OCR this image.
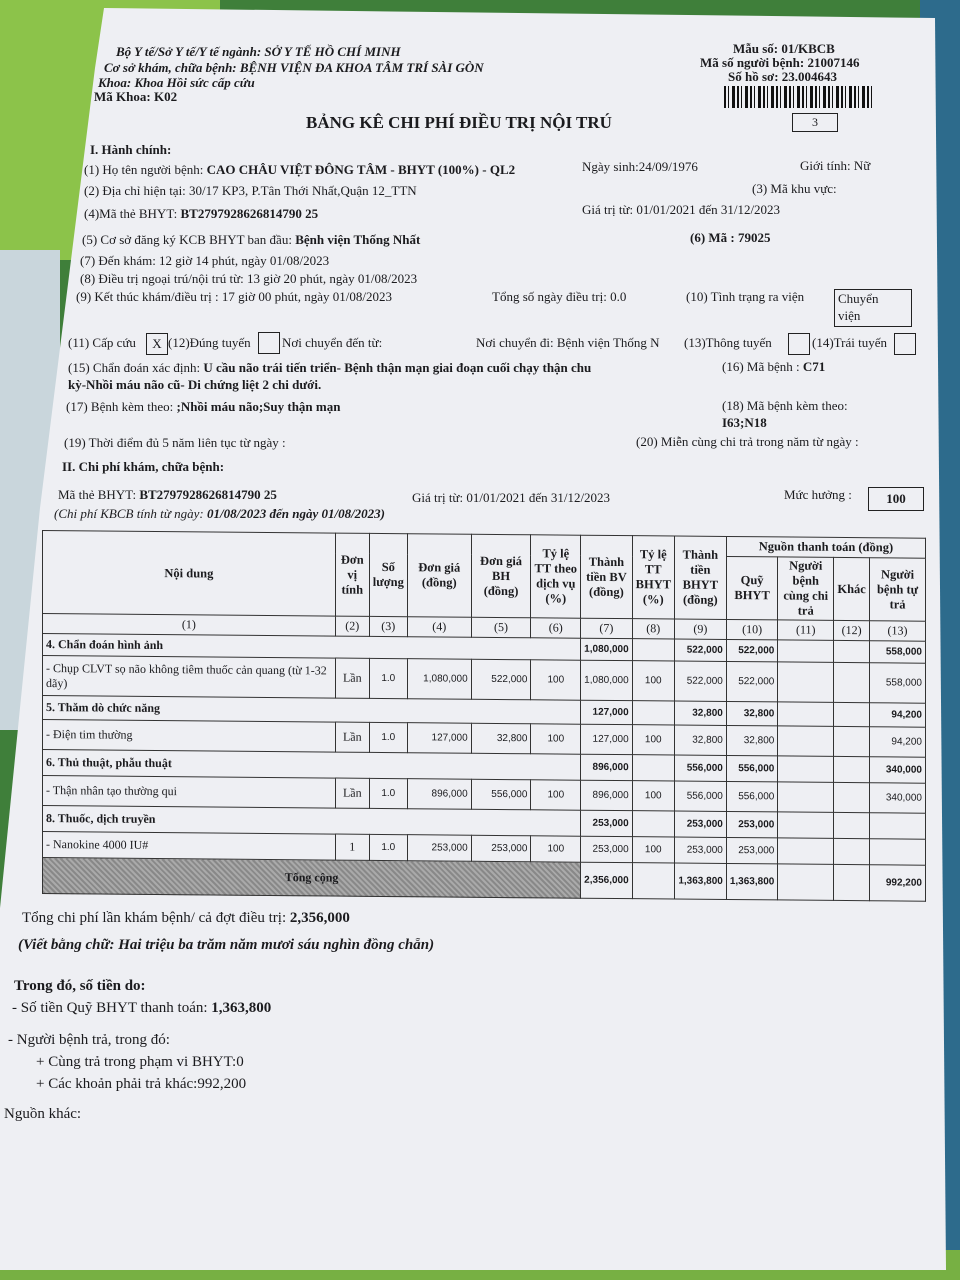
Bộ Y tế/Sở Y tế/Y tế ngành: SỞ Y TẾ HỒ CHÍ MINH
Cơ sở khám, chữa bệnh: BỆNH VIỆN ĐA KHOA TÂM TRÍ SÀI GÒN
Khoa: Khoa Hồi sức cấp cứu
Mã Khoa: K02
Mẫu số: 01/KBCB
Mã số người bệnh: 21007146
Số hồ sơ: 23.004643
3
BẢNG KÊ CHI PHÍ ĐIỀU TRỊ NỘI TRÚ
I. Hành chính:
(1) Họ tên người bệnh: CAO CHÂU VIỆT ĐÔNG TÂM - BHYT (100%) - QL2	Ngày sinh:24/09/1976	Giới tính: Nữ
(2) Địa chỉ hiện tại: 30/17 KP3, P.Tân Thới Nhất,Quận 12_TTN	(3) Mã khu vực:
(4)Mã thẻ BHYT: BT2797928626814790 25	Giá trị từ: 01/01/2021 đến 31/12/2023
(5) Cơ sở đăng ký KCB BHYT ban đầu: Bệnh viện Thống Nhất	(6) Mã : 79025
(7) Đến khám: 12 giờ 14 phút, ngày 01/08/2023
(8) Điều trị ngoại trú/nội trú từ: 13 giờ 20 phút, ngày 01/08/2023
(9) Kết thúc khám/điều trị : 17 giờ 00 phút, ngày 01/08/2023	Tổng số ngày điều trị: 0.0	(10) Tình trạng ra viện	Chuyển
viện
(11) Cấp cứu	X (12)Đúng tuyến Nơi chuyển đến từ:	Nơi chuyển đi: Bệnh viện Thống N	(13)Thông tuyến	(14)Trái tuyến
(15) Chẩn đoán xác định: U cầu não trái tiến triển- Bệnh thận mạn giai đoạn cuối chạy thận chu
kỳ-Nhồi máu não cũ- Di chứng liệt 2 chi dưới.
(16) Mã bệnh : C71
(17) Bệnh kèm theo: ;Nhồi máu não;Suy thận mạn	(18) Mã bệnh kèm theo:
I63;N18
(19) Thời điểm đủ 5 năm liên tục từ ngày :	(20) Miễn cùng chi trả trong năm từ ngày :
II. Chi phí khám, chữa bệnh:
Mã thẻ BHYT: BT2797928626814790 25	Giá trị từ: 01/01/2021 đến 31/12/2023	Mức hưởng :	100
(Chi phí KBCB tính từ ngày: 01/08/2023 đến ngày 01/08/2023)
Nội dung	Đơn vị tính	Số lượng	Đơn giá (đồng)	Đơn giá BH (đồng)	Tỷ lệ TT theo dịch vụ (%)	Thành tiền BV (đồng)	Tỷ lệ TT BHYT (%)	Thành tiền BHYT (đồng)	Nguồn thanh toán (đồng)			
									Quỹ BHYT	Người bệnh cùng chi trả	Khác	Người bệnh tự trả
(1)	(2)	(3)	(4)	(5)	(6)	(7)	(8)	(9)	(10)	(11)	(12)	(13)
4. Chẩn đoán hình ảnh						1,080,000		522,000	522,000			558,000
- Chụp CLVT sọ não không tiêm thuốc cản quang (từ 1-32 dãy)	Lần	1.0	1,080,000	522,000	100	1,080,000	100	522,000	522,000			558,000
5. Thăm dò chức năng						127,000		32,800	32,800			94,200
- Điện tim thường	Lần	1.0	127,000	32,800	100	127,000	100	32,800	32,800			94,200
6. Thủ thuật, phẫu thuật						896,000		556,000	556,000			340,000
- Thận nhân tạo thường qui	Lần	1.0	896,000	556,000	100	896,000	100	556,000	556,000			340,000
8. Thuốc, dịch truyền						253,000		253,000	253,000			
- Nanokine 4000 IU#	1	1.0	253,000	253,000	100	253,000	100	253,000	253,000			
Tổng cộng						2,356,000		1,363,800	1,363,800			992,200
Tổng chi phí lần khám bệnh/ cả đợt điều trị: 2,356,000
(Viết bằng chữ: Hai triệu ba trăm năm mươi sáu nghìn đồng chẵn)
Trong đó, số tiền do:
- Số tiền Quỹ BHYT thanh toán: 1,363,800
- Người bệnh trả, trong đó:
+ Cùng trả trong phạm vi BHYT:0
+ Các khoản phải trả khác:992,200
Nguồn khác:
